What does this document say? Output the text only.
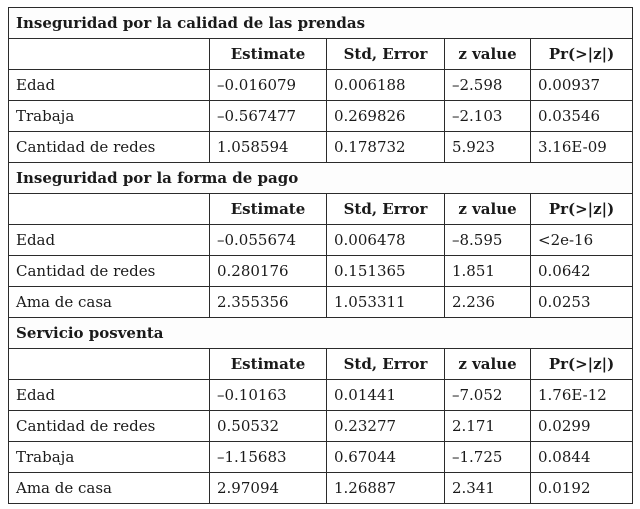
Inseguridad por la calidad de las prendas				
	Estimate	Std, Error	z value	Pr(>|z|)
Edad	–0.016079	0.006188	–2.598	0.00937
Trabaja	–0.567477	0.269826	–2.103	0.03546
Cantidad de redes	1.058594	0.178732	5.923	3.16E-09
Inseguridad por la forma de pago				
	Estimate	Std, Error	z value	Pr(>|z|)
Edad	–0.055674	0.006478	–8.595	<2e-16
Cantidad de redes	0.280176	0.151365	1.851	0.0642
Ama de casa	2.355356	1.053311	2.236	0.0253
Servicio posventa				
	Estimate	Std, Error	z value	Pr(>|z|)
Edad	–0.10163	0.01441	–7.052	1.76E-12
Cantidad de redes	0.50532	0.23277	2.171	0.0299
Trabaja	–1.15683	0.67044	–1.725	0.0844
Ama de casa	2.97094	1.26887	2.341	0.0192
